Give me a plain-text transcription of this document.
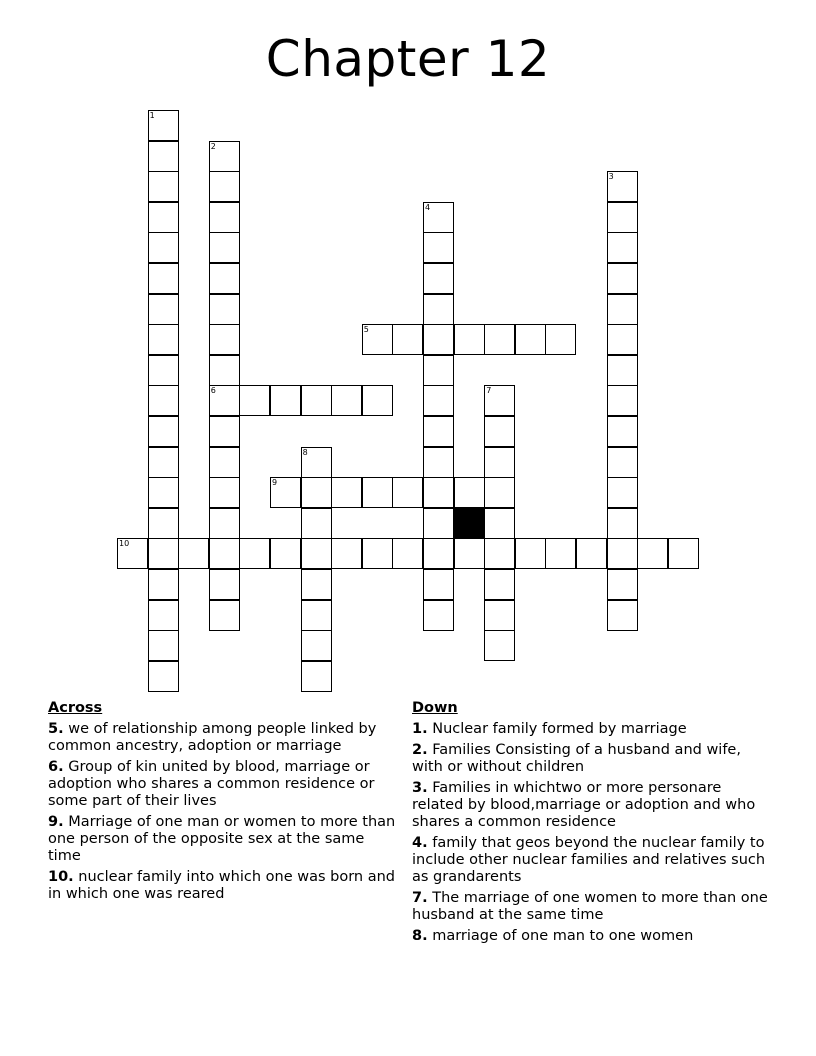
Chapter 12
1
2
6
3
4
5
7
8
9
10
Across
5. we of relationship among people linked by common ancestry, adoption or marriage
6. Group of kin united by blood, marriage or adoption who shares a common residence or some part of their lives
9. Marriage of one man or women to more than one person of the opposite sex at the same time
10. nuclear family into which one was born and in which one was reared
Down
1. Nuclear family formed by marriage
2. Families Consisting of a husband and wife, with or without children
3. Families in whichtwo or more personare related by blood,marriage or adoption and who shares a common residence
4. family that geos beyond the nuclear family to include other nuclear families and relatives such as grandarents
7. The marriage of one women to more than one husband at the same time
8. marriage of one man to one women
